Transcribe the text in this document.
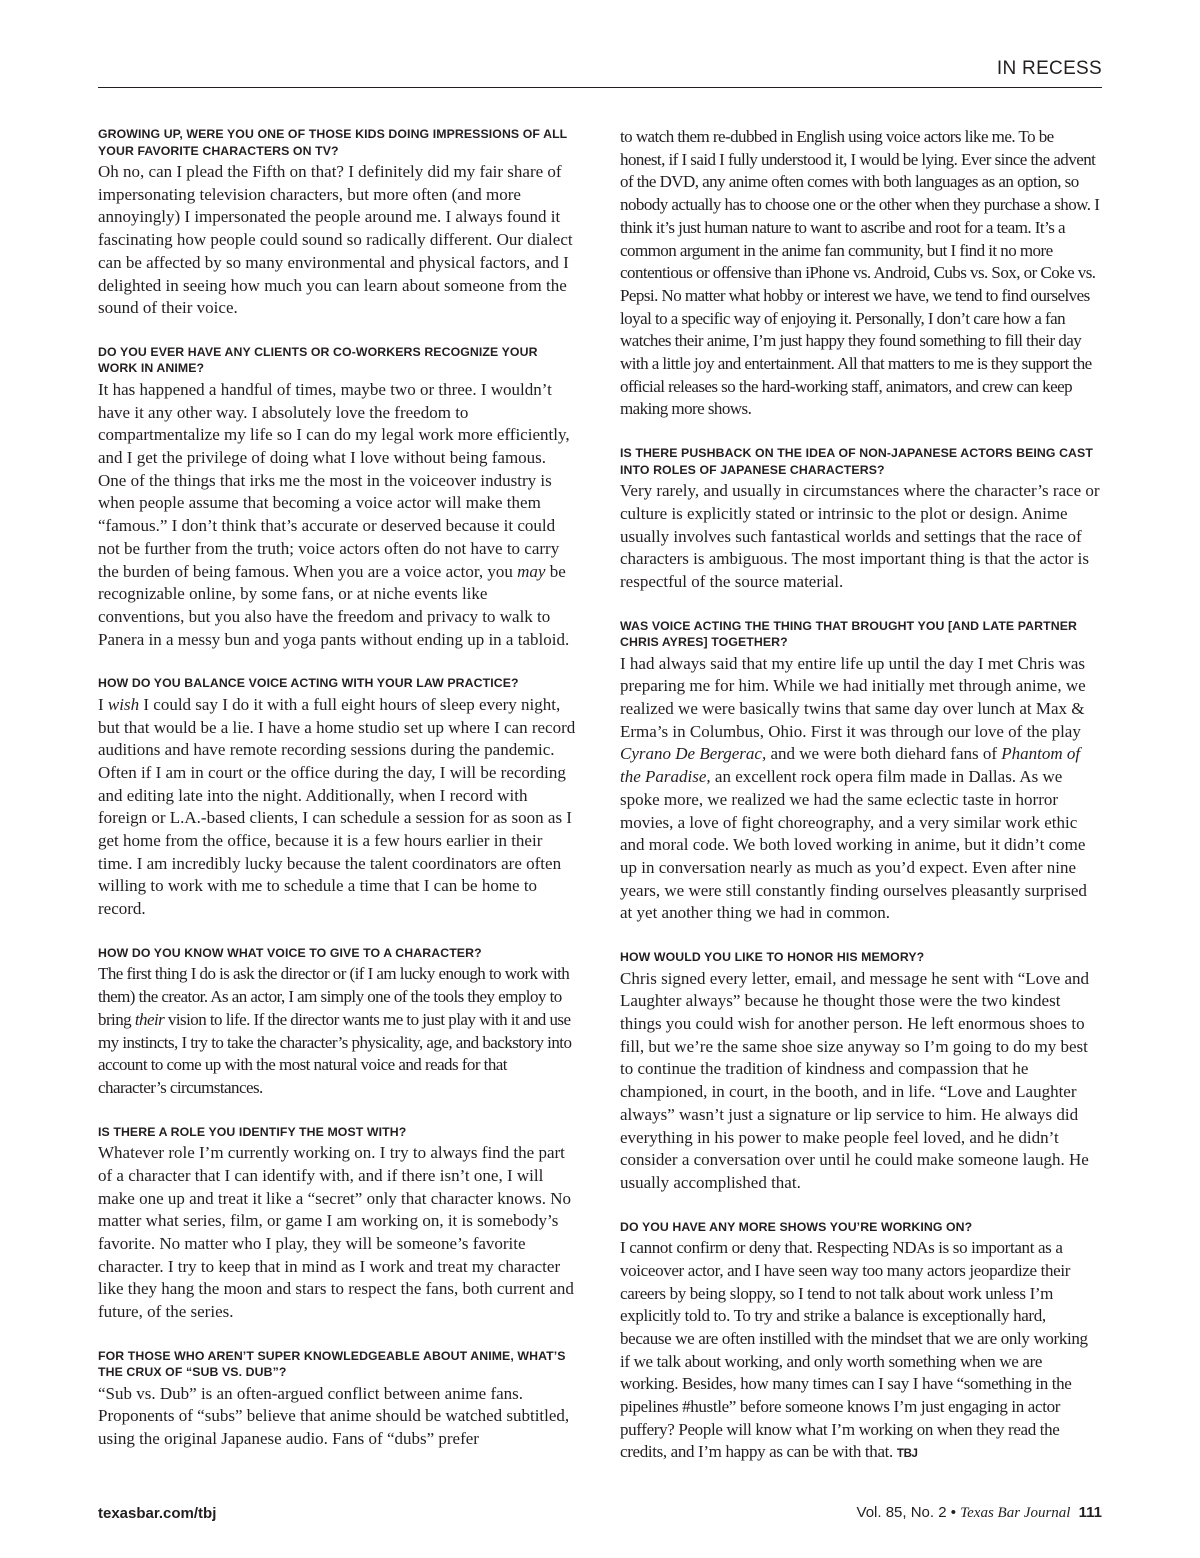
IN RECESS

GROWING UP, WERE YOU ONE OF THOSE KIDS DOING IMPRESSIONS OF ALL YOUR FAVORITE CHARACTERS ON TV?

Oh no, can I plead the Fifth on that? I definitely did my fair share of impersonating television characters, but more often (and more annoyingly) I impersonated the people around me. I always found it fascinating how people could sound so radically different. Our dialect can be affected by so many environmental and physical factors, and I delighted in seeing how much you can learn about someone from the sound of their voice.

DO YOU EVER HAVE ANY CLIENTS OR CO-WORKERS RECOGNIZE YOUR WORK IN ANIME?

It has happened a handful of times, maybe two or three. I wouldn’t have it any other way. I absolutely love the freedom to compartmentalize my life so I can do my legal work more efficiently, and I get the privilege of doing what I love without being famous. One of the things that irks me the most in the voiceover industry is when people assume that becoming a voice actor will make them “famous.” I don’t think that’s accurate or deserved because it could not be further from the truth; voice actors often do not have to carry the burden of being famous. When you are a voice actor, you may be recognizable online, by some fans, or at niche events like conventions, but you also have the freedom and privacy to walk to Panera in a messy bun and yoga pants without ending up in a tabloid.

HOW DO YOU BALANCE VOICE ACTING WITH YOUR LAW PRACTICE?

I wish I could say I do it with a full eight hours of sleep every night, but that would be a lie. I have a home studio set up where I can record auditions and have remote recording sessions during the pandemic. Often if I am in court or the office during the day, I will be recording and editing late into the night. Additionally, when I record with foreign or L.A.-based clients, I can schedule a session for as soon as I get home from the office, because it is a few hours earlier in their time. I am incredibly lucky because the talent coordinators are often willing to work with me to schedule a time that I can be home to record.

HOW DO YOU KNOW WHAT VOICE TO GIVE TO A CHARACTER?

The first thing I do is ask the director or (if I am lucky enough to work with them) the creator. As an actor, I am simply one of the tools they employ to bring their vision to life. If the director wants me to just play with it and use my instincts, I try to take the character’s physicality, age, and backstory into account to come up with the most natural voice and reads for that character’s circumstances.

IS THERE A ROLE YOU IDENTIFY THE MOST WITH?

Whatever role I’m currently working on. I try to always find the part of a character that I can identify with, and if there isn’t one, I will make one up and treat it like a “secret” only that character knows. No matter what series, film, or game I am working on, it is somebody’s favorite. No matter who I play, they will be someone’s favorite character. I try to keep that in mind as I work and treat my character like they hang the moon and stars to respect the fans, both current and future, of the series.

FOR THOSE WHO AREN’T SUPER KNOWLEDGEABLE ABOUT ANIME, WHAT’S THE CRUX OF “SUB VS. DUB”?

“Sub vs. Dub” is an often-argued conflict between anime fans. Proponents of “subs” believe that anime should be watched subtitled, using the original Japanese audio. Fans of “dubs” prefer

to watch them re-dubbed in English using voice actors like me. To be honest, if I said I fully understood it, I would be lying. Ever since the advent of the DVD, any anime often comes with both languages as an option, so nobody actually has to choose one or the other when they purchase a show. I think it’s just human nature to want to ascribe and root for a team. It’s a common argument in the anime fan community, but I find it no more contentious or offensive than iPhone vs. Android, Cubs vs. Sox, or Coke vs. Pepsi. No matter what hobby or interest we have, we tend to find ourselves loyal to a specific way of enjoying it. Personally, I don’t care how a fan watches their anime, I’m just happy they found something to fill their day with a little joy and entertainment. All that matters to me is they support the official releases so the hard-working staff, animators, and crew can keep making more shows.

IS THERE PUSHBACK ON THE IDEA OF NON-JAPANESE ACTORS BEING CAST INTO ROLES OF JAPANESE CHARACTERS?

Very rarely, and usually in circumstances where the character’s race or culture is explicitly stated or intrinsic to the plot or design. Anime usually involves such fantastical worlds and settings that the race of characters is ambiguous. The most important thing is that the actor is respectful of the source material.

WAS VOICE ACTING THE THING THAT BROUGHT YOU [AND LATE PARTNER CHRIS AYRES] TOGETHER?

I had always said that my entire life up until the day I met Chris was preparing me for him. While we had initially met through anime, we realized we were basically twins that same day over lunch at Max & Erma’s in Columbus, Ohio. First it was through our love of the play Cyrano De Bergerac, and we were both diehard fans of Phantom of the Paradise, an excellent rock opera film made in Dallas. As we spoke more, we realized we had the same eclectic taste in horror movies, a love of fight choreography, and a very similar work ethic and moral code. We both loved working in anime, but it didn’t come up in conversation nearly as much as you’d expect. Even after nine years, we were still constantly finding ourselves pleasantly surprised at yet another thing we had in common.

HOW WOULD YOU LIKE TO HONOR HIS MEMORY?

Chris signed every letter, email, and message he sent with “Love and Laughter always” because he thought those were the two kindest things you could wish for another person. He left enormous shoes to fill, but we’re the same shoe size anyway so I’m going to do my best to continue the tradition of kindness and compassion that he championed, in court, in the booth, and in life. “Love and Laughter always” wasn’t just a signature or lip service to him. He always did everything in his power to make people feel loved, and he didn’t consider a conversation over until he could make someone laugh. He usually accomplished that.

DO YOU HAVE ANY MORE SHOWS YOU’RE WORKING ON?

I cannot confirm or deny that. Respecting NDAs is so important as a voiceover actor, and I have seen way too many actors jeopardize their careers by being sloppy, so I tend to not talk about work unless I’m explicitly told to. To try and strike a balance is exceptionally hard, because we are often instilled with the mindset that we are only working if we talk about working, and only worth something when we are working. Besides, how many times can I say I have “something in the pipelines #hustle” before someone knows I’m just engaging in actor puffery? People will know what I’m working on when they read the credits, and I’m happy as can be with that. TBJ

texasbar.com/tbj	Vol. 85, No. 2 • Texas Bar Journal 111
